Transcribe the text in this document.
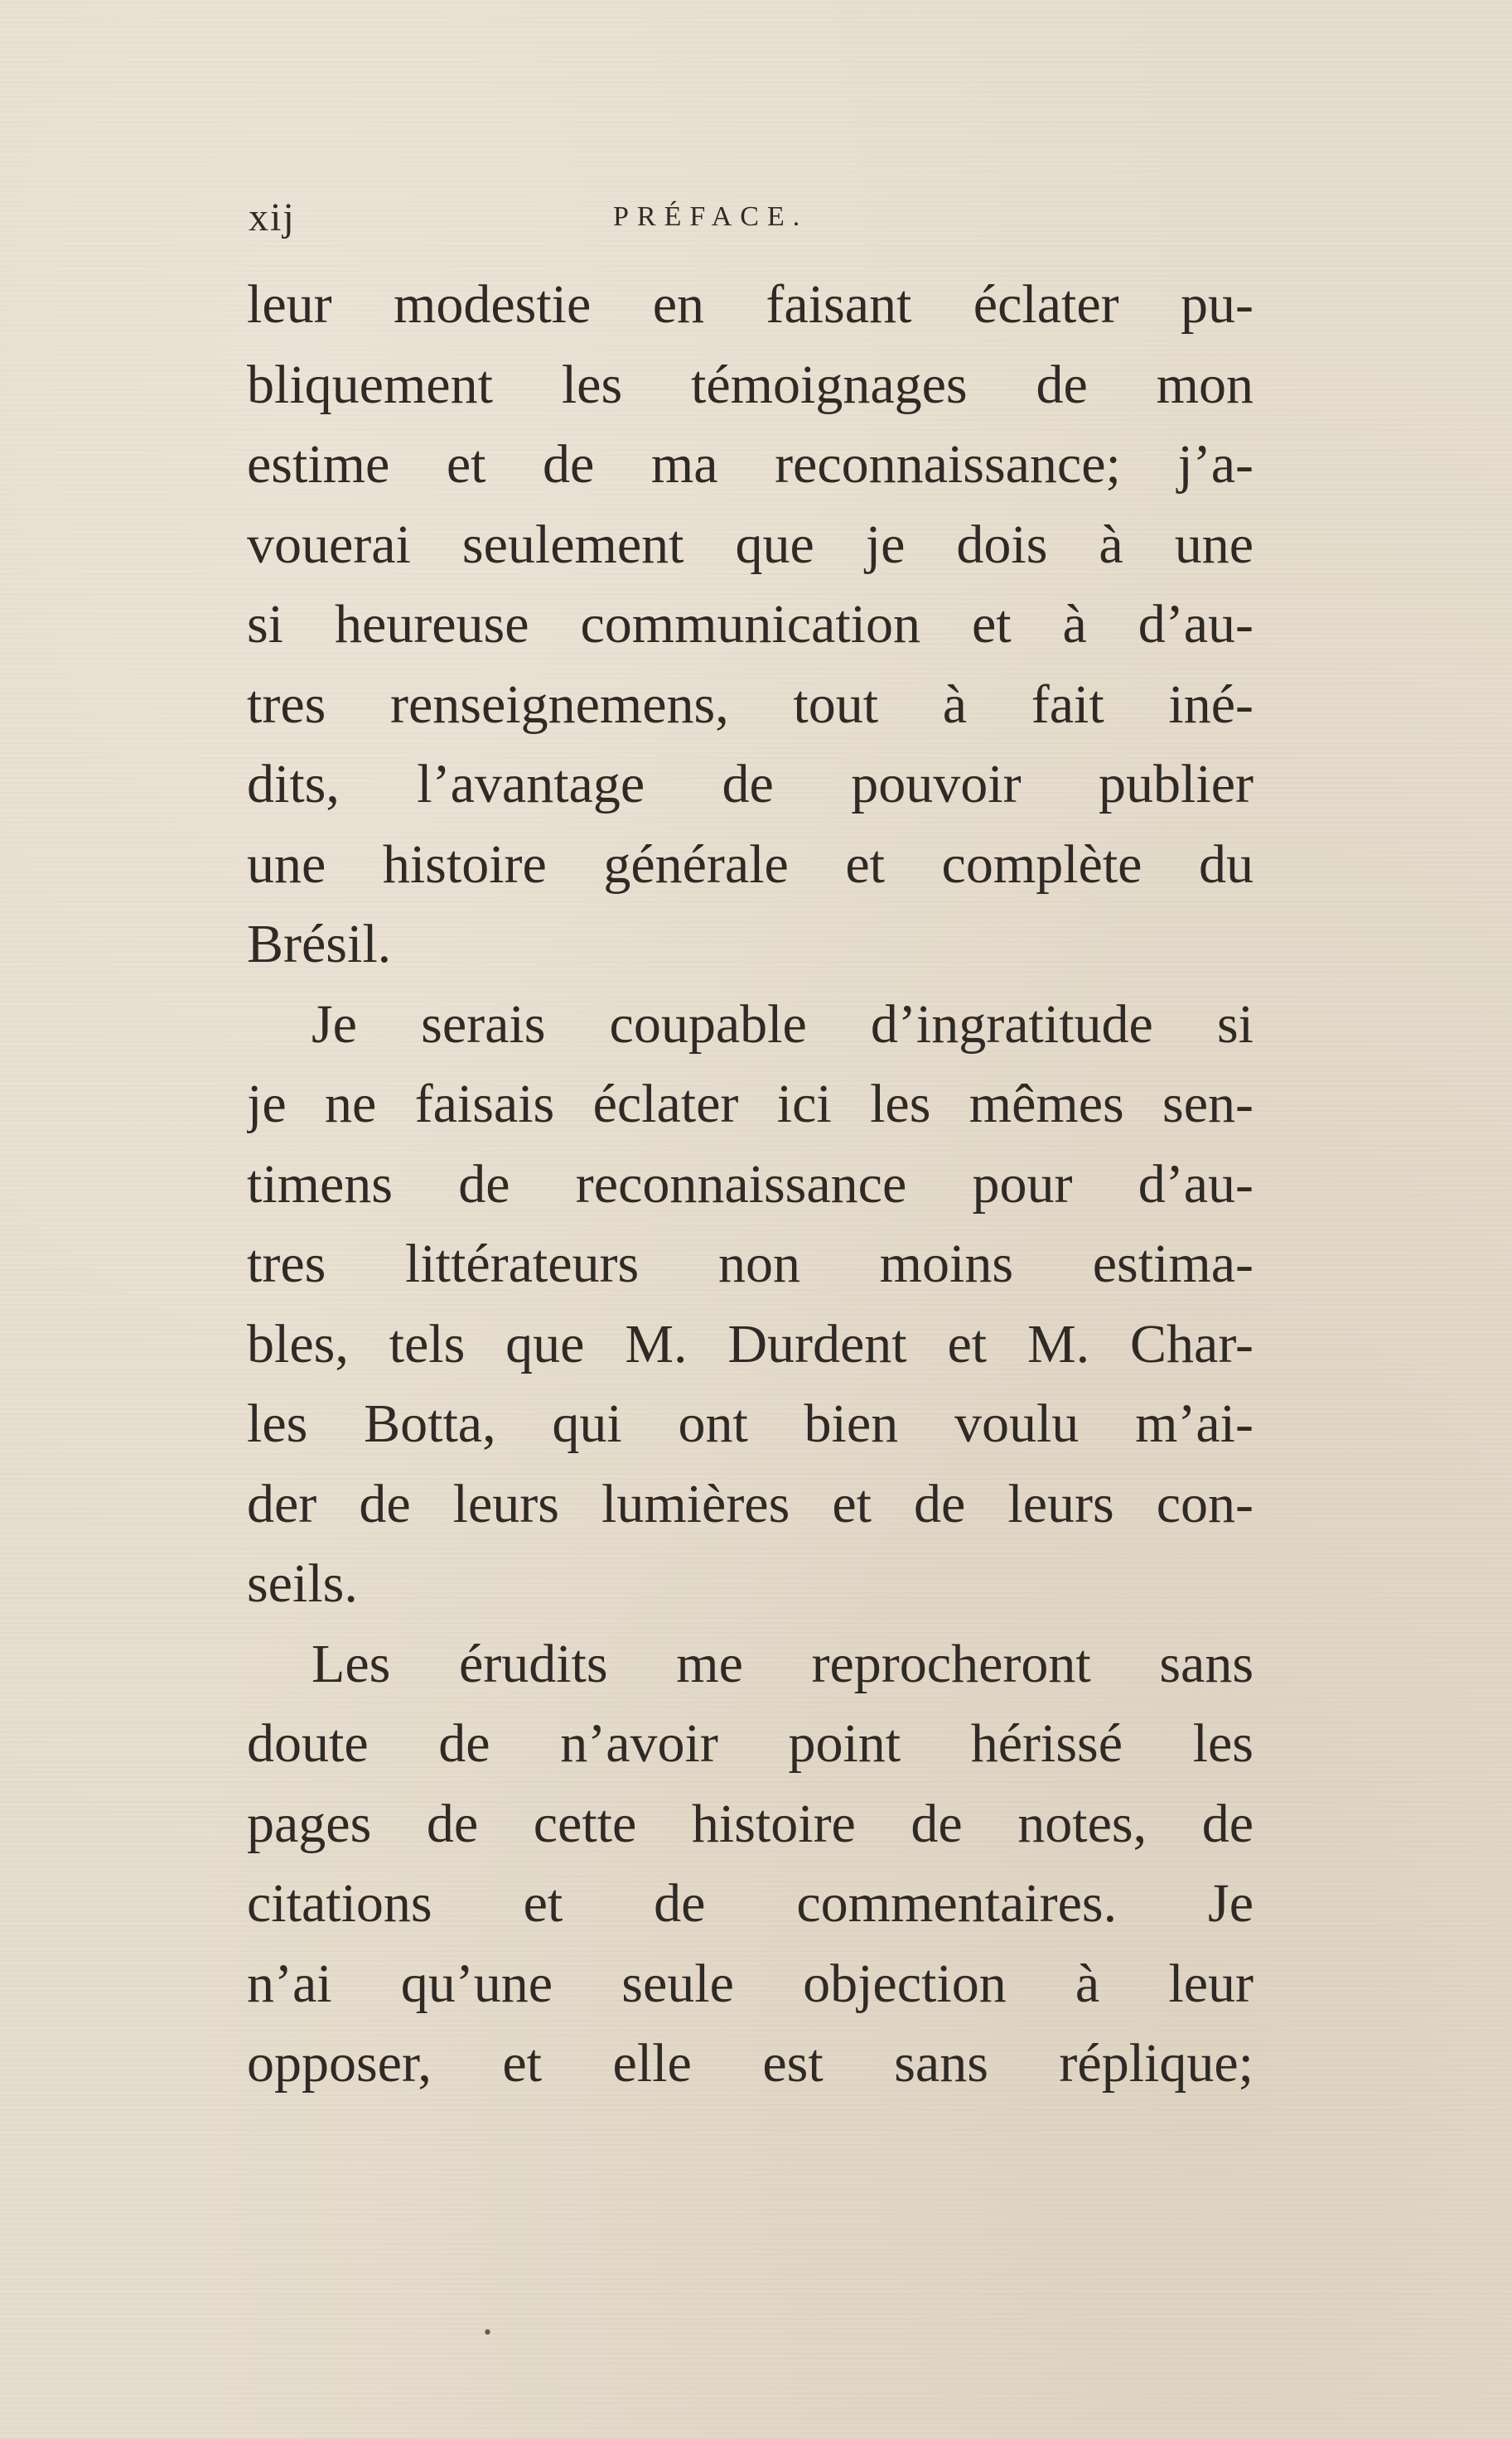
xij	PRÉFACE.
leur modestie en faisant éclater pu-
bliquement les témoignages de mon
estime et de ma reconnaissance; j’a-
vouerai seulement que je dois à une
si heureuse communication et à d’au-
tres renseignemens, tout à fait iné-
dits, l’avantage de pouvoir publier
une histoire générale et complète du
Brésil.
Je serais coupable d’ingratitude si
je ne faisais éclater ici les mêmes sen-
timens de reconnaissance pour d’au-
tres littérateurs non moins estima-
bles, tels que M. Durdent et M. Char-
les Botta, qui ont bien voulu m’ai-
der de leurs lumières et de leurs con-
seils.
Les érudits me reprocheront sans
doute de n’avoir point hérissé les
pages de cette histoire de notes, de
citations et de commentaires. Je
n’ai qu’une seule objection à leur
opposer, et elle est sans réplique;
•
